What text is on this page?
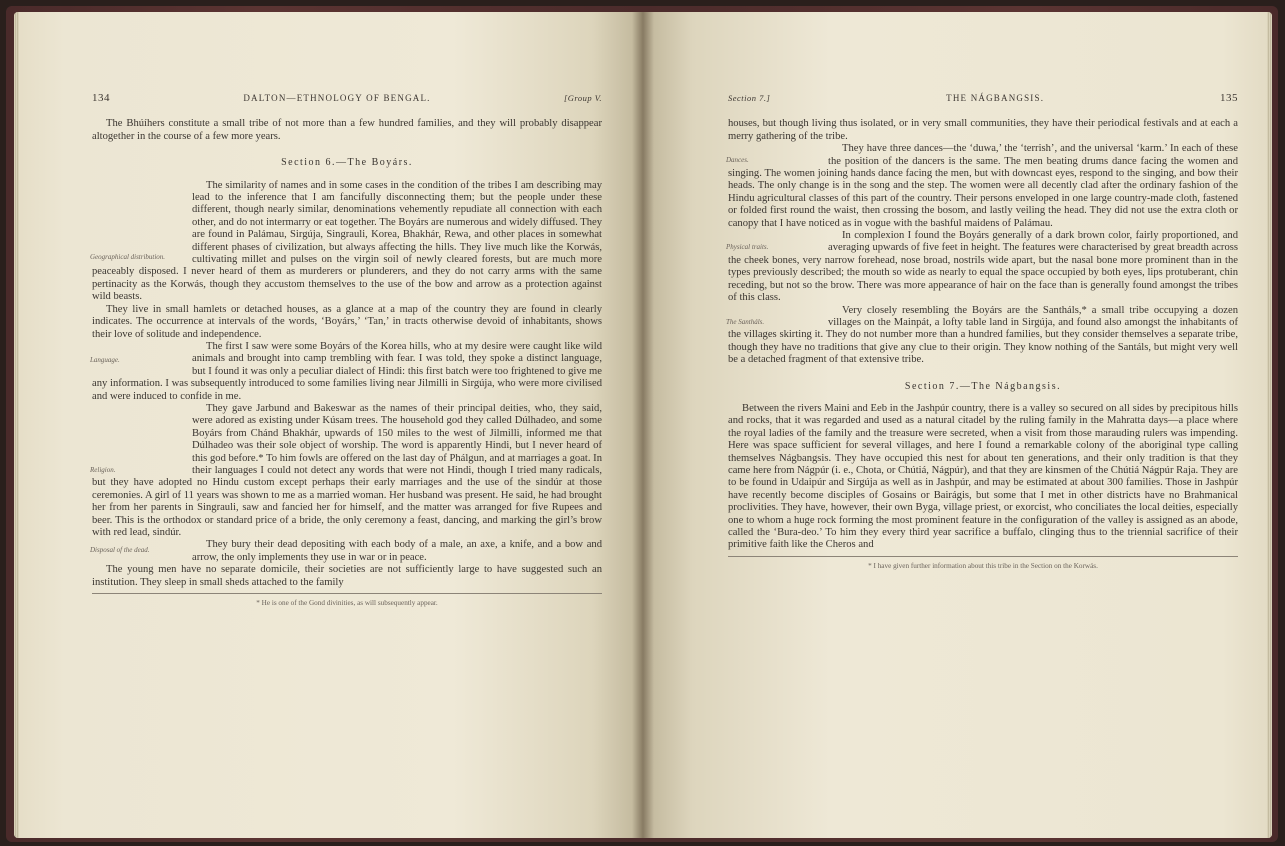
134	DALTON—ETHNOLOGY OF BENGAL.	[Group V.

The Bhúíhers constitute a small tribe of not more than a few hundred families, and they will probably disappear altogether in the course of a few more years.

Section 6.—The Boyárs.

Geographical distribution.
The similarity of names and in some cases in the condition of the tribes I am describing may lead to the inference that I am fancifully disconnecting them; but the people under these different, though nearly similar, denominations vehemently repudiate all connection with each other, and do not intermarry or eat together. The Boyárs are numerous and widely diffused. They are found in Palámau, Sirgúja, Singrauli, Korea, Bhakhár, Rewa, and other places in somewhat different phases of civilization, but always affecting the hills. They live much like the Korwás, cultivating millet and pulses on the virgin soil of newly cleared forests, but are much more peaceably disposed. I never heard of them as murderers or plunderers, and they do not carry arms with the same pertinacity as the Korwás, though they accustom themselves to the use of the bow and arrow as a protection against wild beasts.

They live in small hamlets or detached houses, as a glance at a map of the country they are found in clearly indicates. The occurrence at intervals of the words, ‘Boyárs,’ ‘Tan,’ in tracts otherwise devoid of inhabitants, shows their love of solitude and independence.

Language.
The first I saw were some Boyárs of the Korea hills, who at my desire were caught like wild animals and brought into camp trembling with fear. I was told, they spoke a distinct language, but I found it was only a peculiar dialect of Hindi: this first batch were too frightened to give me any information. I was subsequently introduced to some families living near Jilmilli in Sirgúja, who were more civilised and were induced to confide in me.

Religion.
They gave Jarbund and Bakeswar as the names of their principal deities, who, they said, were adored as existing under Kúsam trees. The household god they called Dúlhadeo, and some Boyárs from Chánd Bhakhár, upwards of 150 miles to the west of Jilmilli, informed me that Dúlhadeo was their sole object of worship. The word is apparently Hindi, but I never heard of this god before.* To him fowls are offered on the last day of Phálgun, and at marriages a goat. In their languages I could not detect any words that were not Hindi, though I tried many radicals, but they have adopted no Hindu custom except perhaps their early marriages and the use of the sindúr at those ceremonies. A girl of 11 years was shown to me as a married woman. Her husband was present. He said, he had brought her from her parents in Singrauli, saw and fancied her for himself, and the matter was arranged for five Rupees and beer. This is the orthodox or standard price of a bride, the only ceremony a feast, dancing, and marking the girl’s brow with red lead, sindúr.

Disposal of the dead.	They bury their dead depositing with each body of a male, an axe, a knife, and a bow and arrow, the only implements they use in war or in peace.

The young men have no separate domicile, their societies are not sufficiently large to have suggested such an institution. They sleep in small sheds attached to the family

* He is one of the Gond divinities, as will subsequently appear.

Section 7.]	THE NÁGBANGSIS.	135

houses, but though living thus isolated, or in very small communities, they have their periodical festivals and at each a merry gathering of the tribe.

Dances.
They have three dances—the ‘duwa,’ the ‘terrish’, and the universal ‘karm.’ In each of these the position of the dancers is the same. The men beating drums dance facing the women and singing. The women joining hands dance facing the men, but with downcast eyes, respond to the singing, and bow their heads. The only change is in the song and the step. The women were all decently clad after the ordinary fashion of the Hindu agricultural classes of this part of the country. Their persons enveloped in one large country-made cloth, fastened or folded first round the waist, then crossing the bosom, and lastly veiling the head. They did not use the extra cloth or canopy that I have noticed as in vogue with the bashful maidens of Palámau.

Physical traits.
In complexion I found the Boyárs generally of a dark brown color, fairly proportioned, and averaging upwards of five feet in height. The features were characterised by great breadth across the cheek bones, very narrow forehead, nose broad, nostrils wide apart, but the nasal bone more prominent than in the types previously described; the mouth so wide as nearly to equal the space occupied by both eyes, lips protuberant, chin receding, but not so the brow. There was more appearance of hair on the face than is generally found amongst the tribes of this class.

The Santháls.
Very closely resembling the Boyárs are the Santháls,* a small tribe occupying a dozen villages on the Mainpát, a lofty table land in Sirgúja, and found also amongst the inhabitants of the villages skirting it. They do not number more than a hundred families, but they consider themselves a separate tribe, though they have no traditions that give any clue to their origin. They know nothing of the Santáls, but might very well be a detached fragment of that extensive tribe.

Section 7.—The Nágbangsis.

Between the rivers Maini and Eeb in the Jashpúr country, there is a valley so secured on all sides by precipitous hills and rocks, that it was regarded and used as a natural citadel by the ruling family in the Mahratta days—a place where the royal ladies of the family and the treasure were secreted, when a visit from those marauding rulers was impending. Here was space sufficient for several villages, and here I found a remarkable colony of the aboriginal type calling themselves Nágbangsis. They have occupied this nest for about ten generations, and their only tradition is that they came here from Nágpúr (i. e., Chota, or Chútiá, Nágpúr), and that they are kinsmen of the Chútiá Nágpúr Raja. They are to be found in Udaipúr and Sirgúja as well as in Jashpúr, and may be estimated at about 300 families. Those in Jashpúr have recently become disciples of Gosains or Bairágis, but some that I met in other districts have no Brahmanical proclivities. They have, however, their own Byga, village priest, or exorcist, who conciliates the local deities, especially one to whom a huge rock forming the most prominent feature in the configuration of the valley is assigned as an abode, called the ‘Bura-deo.’ To him they every third year sacrifice a buffalo, clinging thus to the triennial sacrifice of their primitive faith like the Cheros and

* I have given further information about this tribe in the Section on the Korwás.
